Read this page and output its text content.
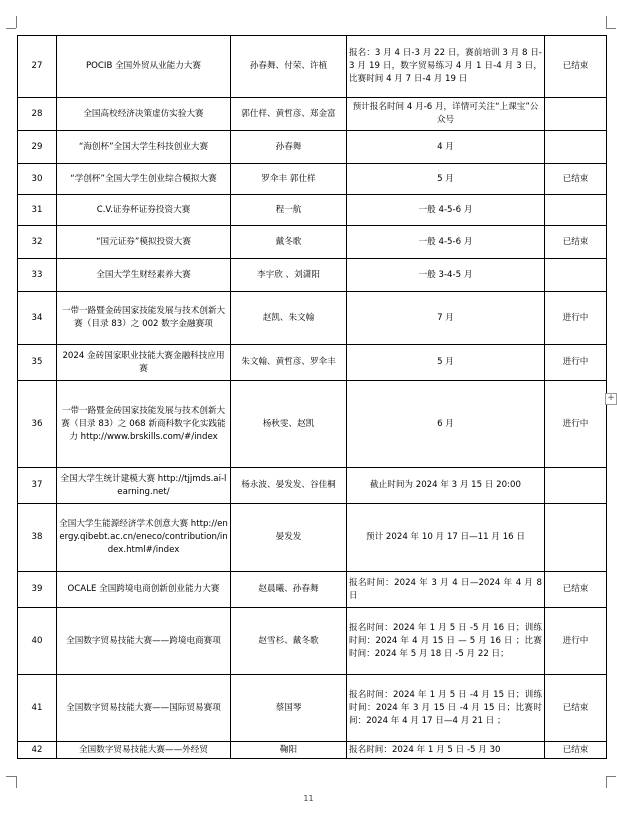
27	POCIB 全国外贸从业能力大赛	孙春舞、付荣、许植	报名：3 月 4 日-3 月 22 日，赛前培训 3 月 8 日-3 月 19 日，数字贸易练习 4 月 1 日-4 月 3 日，比赛时间 4 月 7 日-4 月 19 日	已结束
28	全国高校经济决策虚仿实验大赛	郭仕样、黄哲彦、郑金富	预计报名时间 4 月-6 月，详情可关注“上课宝”公众号	
29	“海创杯”全国大学生科技创业大赛	孙春舞	4 月	
30	“学创杯”全国大学生创业综合模拟大赛	罗伞丰 郭仕样	5 月	已结束
31	C.V.证券杯证券投资大赛	程一航	一般 4-5-6 月	
32	“国元证券”模拟投资大赛	戴冬歌	一般 4-5-6 月	已结束
33	全国大学生财经素养大赛	李宇欣 、刘潇阳	一般 3-4-5 月	
34	一带一路暨金砖国家技能发展与技术创新大赛（目录 83）之 002 数字金融赛项	赵凯、朱文翰	7 月	进行中
35	2024 金砖国家职业技能大赛金融科技应用赛	朱文翰、黄哲彦、罗伞丰	5 月	进行中
36	一带一路暨金砖国家技能发展与技术创新大赛（目录 83）之 068 新商科数字化实践能力 http://www.brskills.com/#/index	杨秋雯、赵凯	6 月	进行中
37	全国大学生统计建模大赛 http://tjjmds.ai-learning.net/	杨永波、晏发发、谷佳桐	截止时间为 2024 年 3 月 15 日 20:00	
38	全国大学生能源经济学术创意大赛 http://energy.qibebt.ac.cn/eneco/contribution/index.html#/index	晏发发	预计 2024 年 10 月 17 日—11 月 16 日	
39	OCALE 全国跨境电商创新创业能力大赛	赵晨曦、孙春舞	报名时间：2024 年 3 月 4 日—2024 年 4 月 8 日	已结束
40	全国数字贸易技能大赛——跨境电商赛项	赵雪杉、戴冬歌	报名时间：2024 年 1 月 5 日 -5 月 16 日；训练时间：2024 年 4 月 15 日 — 5 月 16 日 ；比赛时间：2024 年 5 月 18 日 -5 月 22 日；	进行中
41	全国数字贸易技能大赛——国际贸易赛项	蔡国琴	报名时间：2024 年 1 月 5 日 -4 月 15 日；训练时间：2024 年 3 月 15 日 -4 月 15 日；比赛时间：2024 年 4 月 17 日—4 月 21 日 ；	已结束
42	全国数字贸易技能大赛——外经贸	鞠阳	报名时间：2024 年 1 月 5 日 -5 月 30	已结束
+
11
